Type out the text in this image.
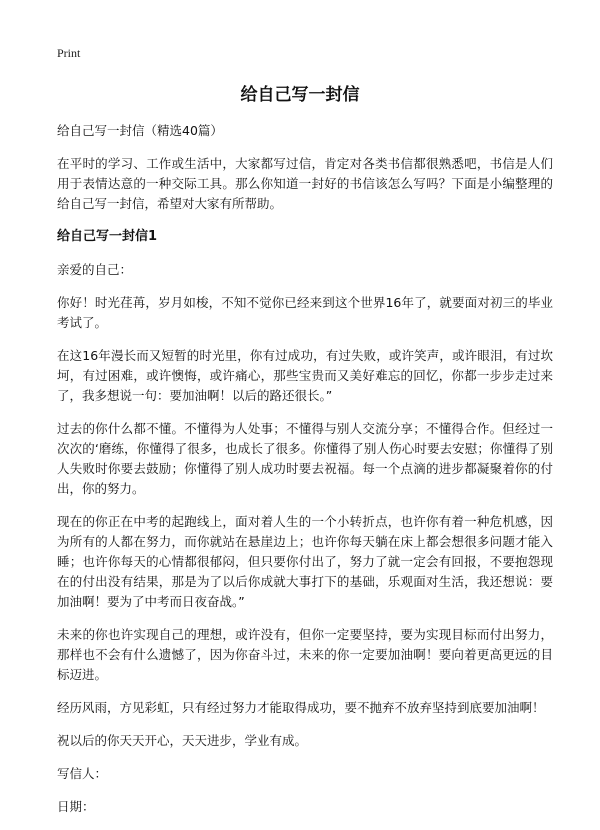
Print
给自己写一封信

给自己写一封信（精选40篇）

在平时的学习、工作或生活中，大家都写过信，肯定对各类书信都很熟悉吧，书信是人们用于表情达意的一种交际工具。那么你知道一封好的书信该怎么写吗？下面是小编整理的给自己写一封信，希望对大家有所帮助。

给自己写一封信1

亲爱的自己：

你好！时光荏苒，岁月如梭，不知不觉你已经来到这个世界16年了，就要面对初三的毕业考试了。

在这16年漫长而又短暂的时光里，你有过成功，有过失败，或许笑声，或许眼泪，有过坎坷，有过困难，或许懊悔，或许痛心，那些宝贵而又美好难忘的回忆，你都一步步走过来了，我多想说一句：要加油啊！以后的路还很长。”

过去的你什么都不懂。不懂得为人处事；不懂得与别人交流分享；不懂得合作。但经过一次次的‘磨练，你懂得了很多，也成长了很多。你懂得了别人伤心时要去安慰；你懂得了别人失败时你要去鼓励；你懂得了别人成功时要去祝福。每一个点滴的进步都凝聚着你的付出，你的努力。

现在的你正在中考的起跑线上，面对着人生的一个小转折点，也许你有着一种危机感，因为所有的人都在努力，而你就站在悬崖边上；也许你每天躺在床上都会想很多问题才能入睡；也许你每天的心情都很郁闷，但只要你付出了，努力了就一定会有回报，不要抱怨现在的付出没有结果，那是为了以后你成就大事打下的基础，乐观面对生活，我还想说：要加油啊！要为了中考而日夜奋战。”

未来的你也许实现自己的理想，或许没有，但你一定要坚持，要为实现目标而付出努力，那样也不会有什么遗憾了，因为你奋斗过，未来的你一定要加油啊！要向着更高更远的目标迈进。

经历风雨，方见彩虹，只有经过努力才能取得成功，要不抛弃不放弃坚持到底要加油啊！

祝以后的你天天开心，天天进步，学业有成。

写信人：

日期：
